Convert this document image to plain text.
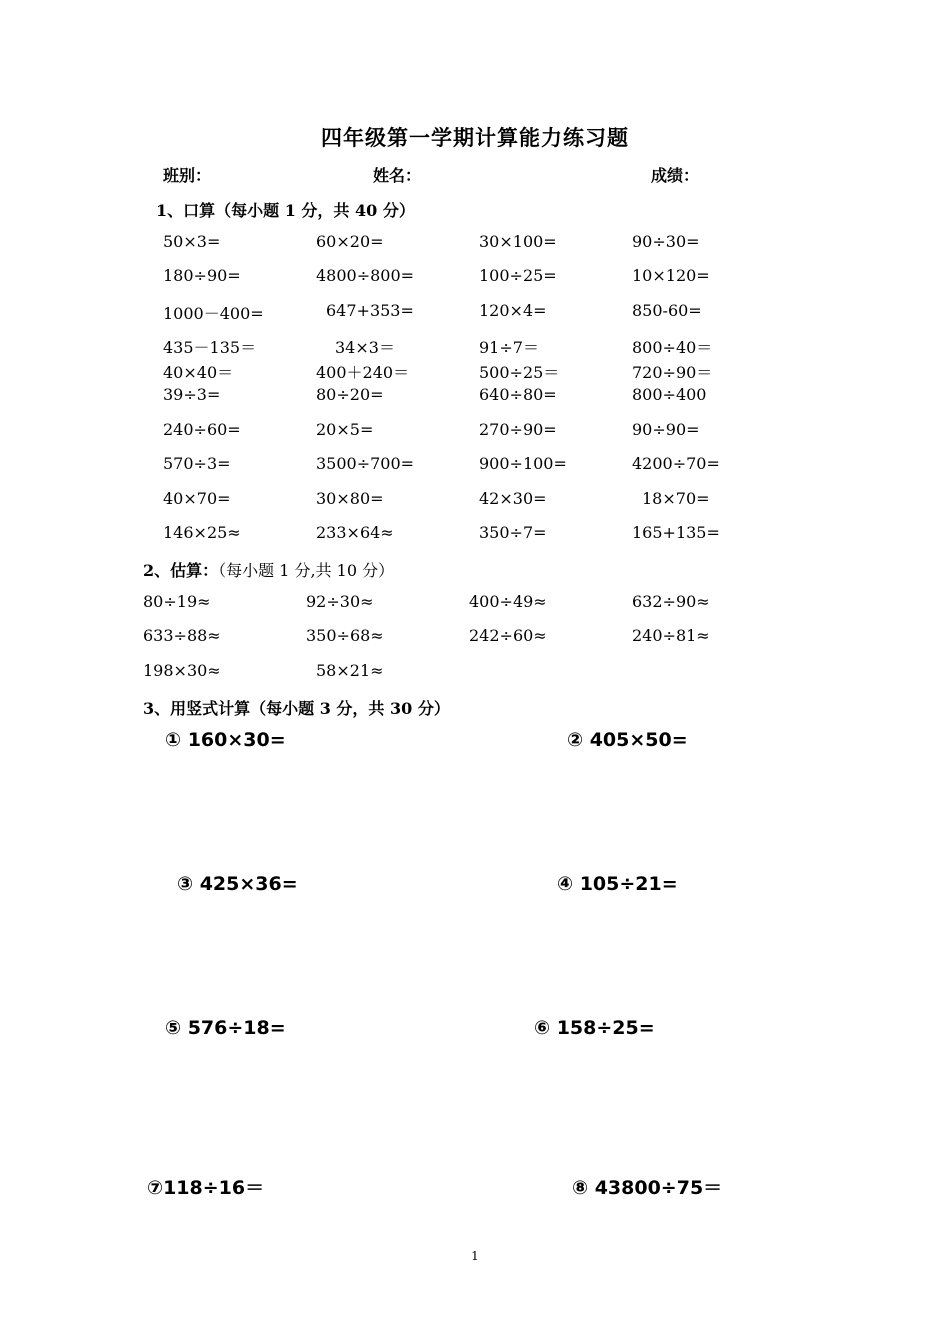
四年级第一学期计算能力练习题
班别：	姓名：	成绩：
1、口算（每小题 1 分，共 40 分）
50×3=	60×20=	30×100=	90÷30=
180÷90=	4800÷800=	100÷25=	10×120=
1000－400=	647+353=	120×4=	850-60=
435－135＝	34×3＝	91÷7＝	800÷40＝
40×40＝	400＋240＝	500÷25＝	720÷90＝
39÷3=	80÷20=	640÷80=	800÷400
240÷60=	20×5=	270÷90=	90÷90=
570÷3=	3500÷700=	900÷100=	4200÷70=
40×70=	30×80=	42×30=	18×70=
146×25≈	233×64≈	350÷7=	165+135=
2、估算：（每小题 1 分,共 10 分）
80÷19≈	92÷30≈	400÷49≈	632÷90≈
633÷88≈	350÷68≈	242÷60≈	240÷81≈
198×30≈	58×21≈
3、用竖式计算（每小题 3 分，共 30 分）
① 160×30=	② 405×50=
③ 425×36=	④ 105÷21=
⑤ 576÷18=	⑥ 158÷25=
⑦118÷16＝	⑧ 43800÷75＝
1
